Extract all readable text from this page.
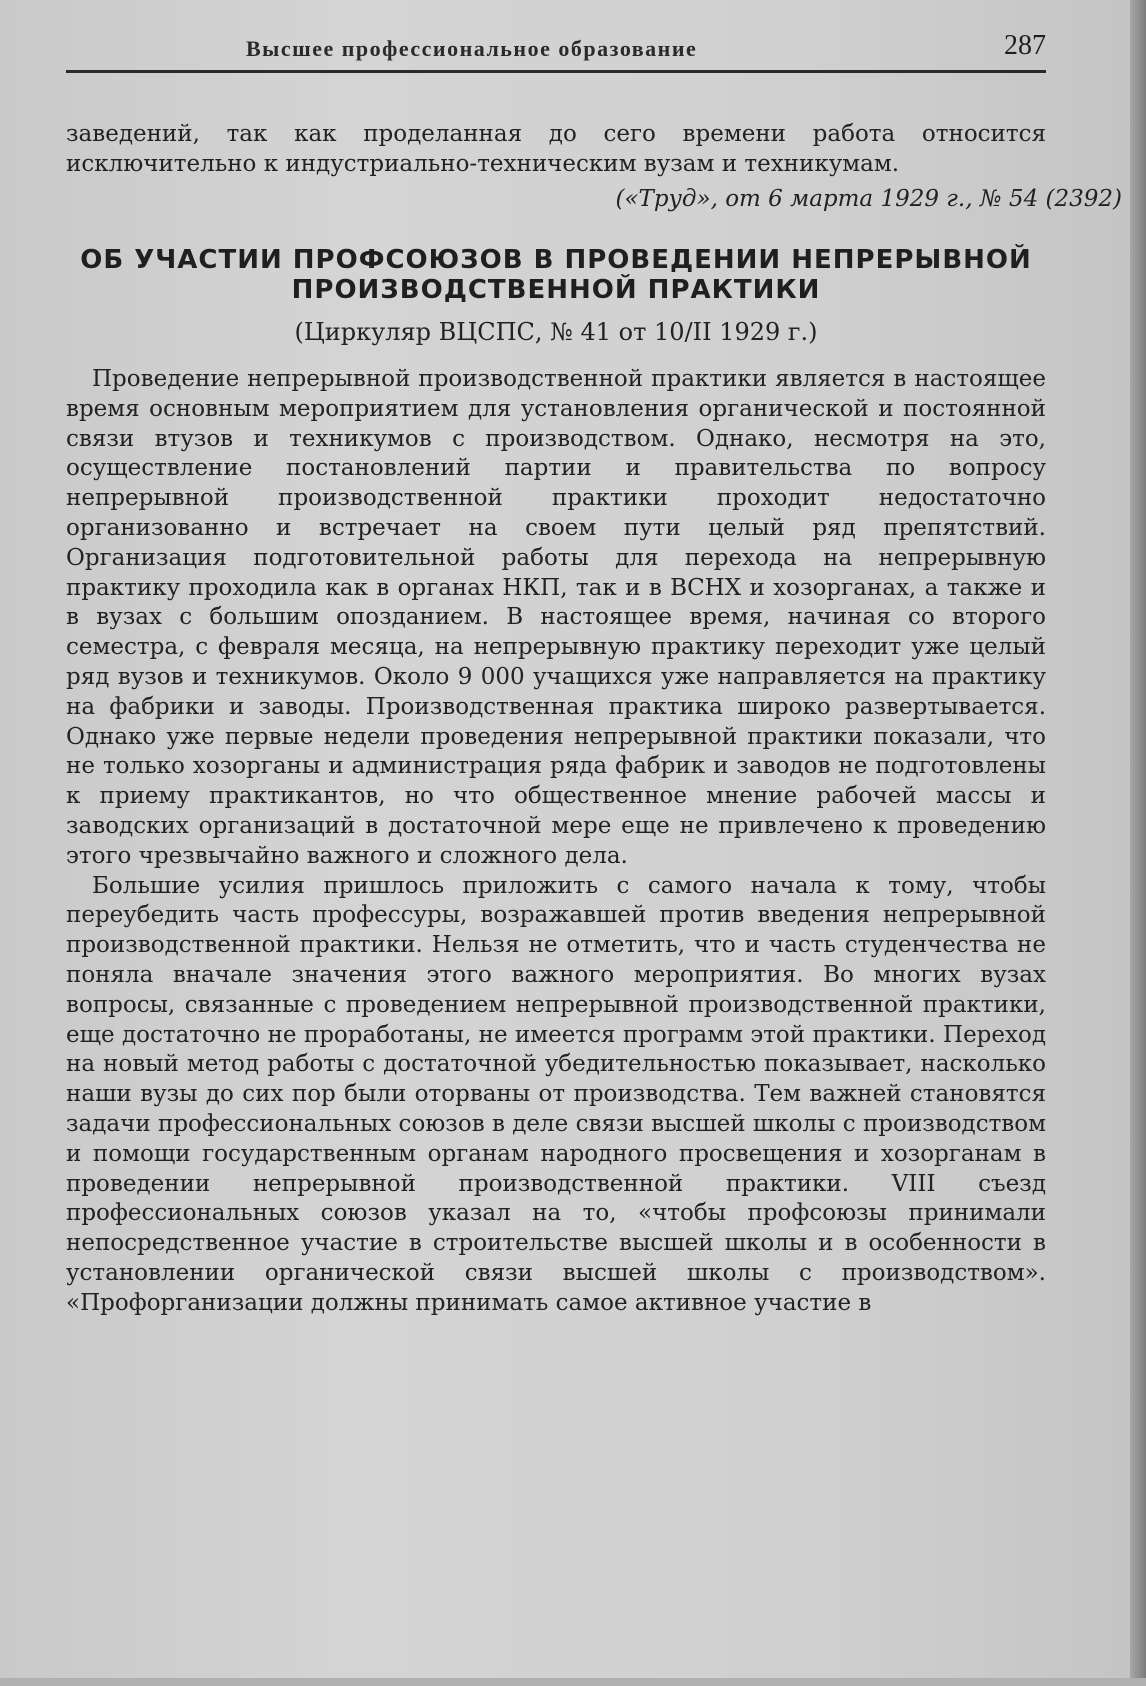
Высшее профессиональное образование	287

заведений, так как проделанная до сего времени работа относится исключительно к индустриально-техническим вузам и техникумам.

(«Труд», от 6 марта 1929 г., № 54 (2392)
ОБ УЧАСТИИ ПРОФСОЮЗОВ В ПРОВЕДЕНИИ НЕПРЕРЫВНОЙ ПРОИЗВОДСТВЕННОЙ ПРАКТИКИ
(Циркуляр ВЦСПС, № 41 от 10/II 1929 г.)

Проведение непрерывной производственной практики является в настоящее время основным мероприятием для установления органической и постоянной связи втузов и техникумов с производством. Однако, несмотря на это, осуществление постановлений партии и правительства по вопросу непрерывной производственной практики проходит недостаточно организованно и встречает на своем пути целый ряд препятствий. Организация подготовительной работы для перехода на непрерывную практику проходила как в органах НКП, так и в ВСНХ и хозорганах, а также и в вузах с большим опозданием. В настоящее время, начиная со второго семестра, с февраля месяца, на непрерывную практику переходит уже целый ряд вузов и техникумов. Около 9 000 учащихся уже направляется на практику на фабрики и заводы. Производственная практика широко развертывается. Однако уже первые недели проведения непрерывной практики показали, что не только хозорганы и администрация ряда фабрик и заводов не подготовлены к приему практикантов, но что общественное мнение рабочей массы и заводских организаций в достаточной мере еще не привлечено к проведению этого чрезвычайно важного и сложного дела.

Большие усилия пришлось приложить с самого начала к тому, чтобы переубедить часть профессуры, возражавшей против введения непрерывной производственной практики. Нельзя не отметить, что и часть студенчества не поняла вначале значения этого важного мероприятия. Во многих вузах вопросы, связанные с проведением непрерывной производственной практики, еще достаточно не проработаны, не имеется программ этой практики. Переход на новый метод работы с достаточной убедительностью показывает, насколько наши вузы до сих пор были оторваны от производства. Тем важней становятся задачи профессиональных союзов в деле связи высшей школы с производством и помощи государственным органам народного просвещения и хозорганам в проведении непрерывной производственной практики. VIII съезд профессиональных союзов указал на то, «чтобы профсоюзы принимали непосредственное участие в строительстве высшей школы и в особенности в установлении органической связи высшей школы с производством». «Профорганизации должны принимать самое активное участие в
